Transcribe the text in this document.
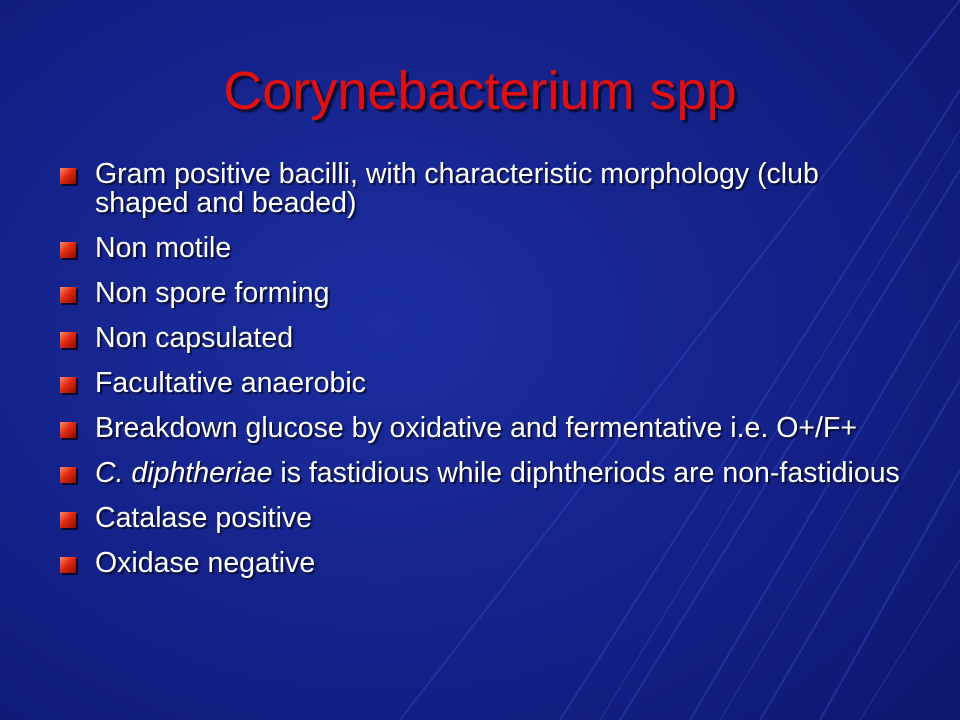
Corynebacterium spp
Gram positive bacilli, with characteristic morphology (club shaped and beaded)
Non motile
Non spore forming
Non capsulated
Facultative anaerobic
Breakdown glucose by oxidative and fermentative i.e. O+/F+
C. diphtheriae is fastidious while diphtheriods are non-fastidious
Catalase positive
Oxidase negative
